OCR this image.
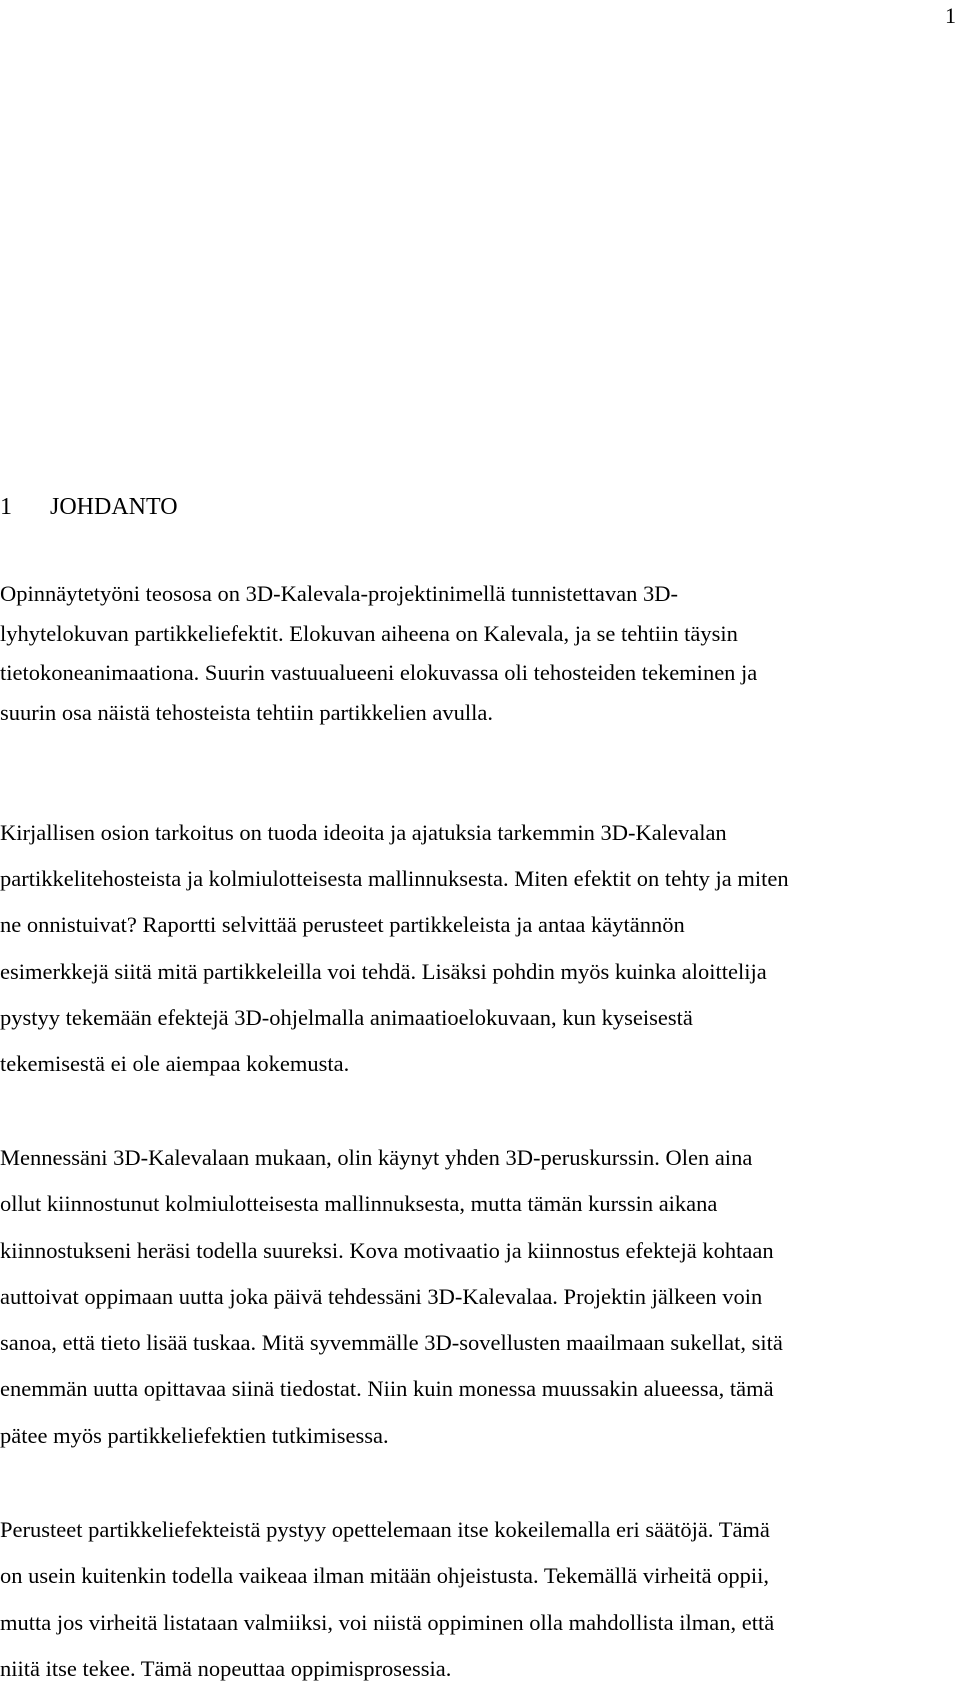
1
1 JOHDANTO
Opinnäytetyöni teososa on 3D-Kalevala-projektinimellä tunnistettavan 3D-
lyhytelokuvan partikkeliefektit. Elokuvan aiheena on Kalevala, ja se tehtiin täysin
tietokoneanimaationa. Suurin vastuualueeni elokuvassa oli tehosteiden tekeminen ja
suurin osa näistä tehosteista tehtiin partikkelien avulla.
Kirjallisen osion tarkoitus on tuoda ideoita ja ajatuksia tarkemmin 3D-Kalevalan
partikkelitehosteista ja kolmiulotteisesta mallinnuksesta. Miten efektit on tehty ja miten
ne onnistuivat? Raportti selvittää perusteet partikkeleista ja antaa käytännön
esimerkkejä siitä mitä partikkeleilla voi tehdä. Lisäksi pohdin myös kuinka aloittelija
pystyy tekemään efektejä 3D-ohjelmalla animaatioelokuvaan, kun kyseisestä
tekemisestä ei ole aiempaa kokemusta.
Mennessäni 3D-Kalevalaan mukaan, olin käynyt yhden 3D-peruskurssin. Olen aina
ollut kiinnostunut kolmiulotteisesta mallinnuksesta, mutta tämän kurssin aikana
kiinnostukseni heräsi todella suureksi. Kova motivaatio ja kiinnostus efektejä kohtaan
auttoivat oppimaan uutta joka päivä tehdessäni 3D-Kalevalaa. Projektin jälkeen voin
sanoa, että tieto lisää tuskaa. Mitä syvemmälle 3D-sovellusten maailmaan sukellat, sitä
enemmän uutta opittavaa siinä tiedostat. Niin kuin monessa muussakin alueessa, tämä
pätee myös partikkeliefektien tutkimisessa.
Perusteet partikkeliefekteistä pystyy opettelemaan itse kokeilemalla eri säätöjä. Tämä
on usein kuitenkin todella vaikeaa ilman mitään ohjeistusta. Tekemällä virheitä oppii,
mutta jos virheitä listataan valmiiksi, voi niistä oppiminen olla mahdollista ilman, että
niitä itse tekee. Tämä nopeuttaa oppimisprosessia.
